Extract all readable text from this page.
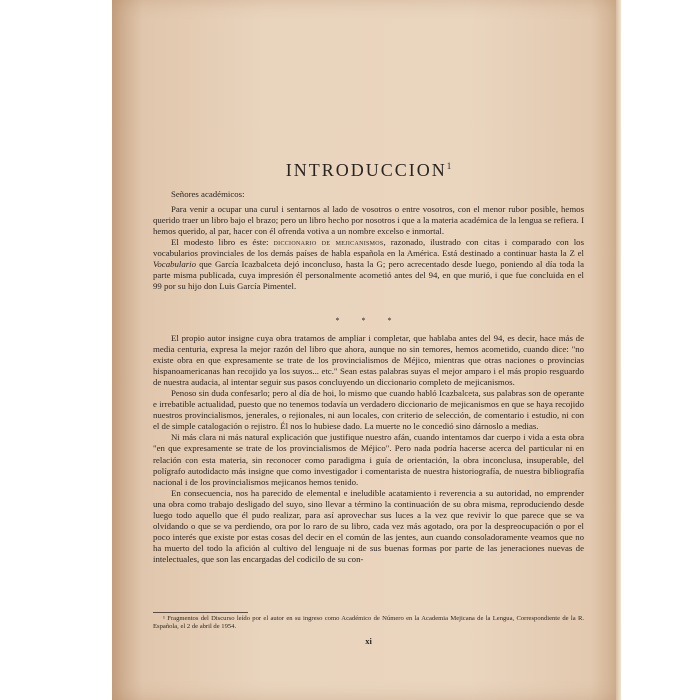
INTRODUCCION$^1$
Señores académicos:

Para venir a ocupar una curul i sentarnos al lado de vosotros o entre vosotros, con el menor rubor posible, hemos querido traer un libro bajo el brazo; pero un libro hecho por nosotros i que a la materia académica de la lengua se refiera. I hemos querido, al par, hacer con él ofrenda votiva a un nombre excelso e inmortal.

El modesto libro es éste: diccionario de mejicanismos, razonado, ilustrado con citas i comparado con los vocabularios provinciales de los demás países de habla española en la América. Está destinado a continuar hasta la Z el Vocabulario que García Icazbalceta dejó inconcluso, hasta la G; pero acrecentado desde luego, poniendo al día toda la parte misma publicada, cuya impresión él personalmente acometió antes del 94, en que murió, i que fue concluida en el 99 por su hijo don Luis García Pimentel.

* * *

El propio autor insigne cuya obra tratamos de ampliar i completar, que hablaba antes del 94, es decir, hace más de media centuria, expresa la mejor razón del libro que ahora, aunque no sin temores, hemos acometido, cuando dice: "no existe obra en que expresamente se trate de los provincialismos de Méjico, mientras que otras naciones o provincias hispanoamericanas han recojido ya los suyos... etc." Sean estas palabras suyas el mejor amparo i el más propio resguardo de nuestra audacia, al intentar seguir sus pasos concluyendo un diccionario completo de mejicanismos.

Penoso sin duda confesarlo; pero al día de hoi, lo mismo que cuando habló Icazbalceta, sus palabras son de operante e irrebatible actualidad, puesto que no tenemos todavía un verdadero diccionario de mejicanismos en que se haya recojido nuestros provincialismos, jenerales, o rejionales, ni aun locales, con criterio de selección, de comentario i estudio, ni con el de simple catalogación o rejistro. Él nos lo hubiese dado. La muerte no le concedió sino dárnoslo a medias.

Ni más clara ni más natural explicación que justifique nuestro afán, cuando intentamos dar cuerpo i vida a esta obra "en que expresamente se trate de los provincialismos de Méjico". Pero nada podría hacerse acerca del particular ni en relación con esta materia, sin reconocer como paradigma i guía de orientación, la obra inconclusa, insuperable, del polígrafo autodidacto más insigne que como investigador i comentarista de nuestra historiografía, de nuestra bibliografía nacional i de los provincialismos mejicanos hemos tenido.

En consecuencia, nos ha parecido de elemental e ineludible acatamiento i reverencia a su autoridad, no emprender una obra como trabajo desligado del suyo, sino llevar a término la continuación de su obra misma, reproduciendo desde luego todo aquello que él pudo realizar, para así aprovechar sus luces a la vez que revivir lo que parece que se va olvidando o que se va perdiendo, ora por lo raro de su libro, cada vez más agotado, ora por la despreocupación o por el poco interés que existe por estas cosas del decir en el común de las jentes, aun cuando consoladoramente veamos que no ha muerto del todo la afición al cultivo del lenguaje ni de sus buenas formas por parte de las jeneraciones nuevas de intelectuales, que son las encargadas del codicilo de su con-

¹ Fragmentos del Discurso leído por el autor en su ingreso como Académico de Número en la Academia Mejicana de la Lengua, Correspondiente de la R. Española, el 2 de abril de 1954.

xi
